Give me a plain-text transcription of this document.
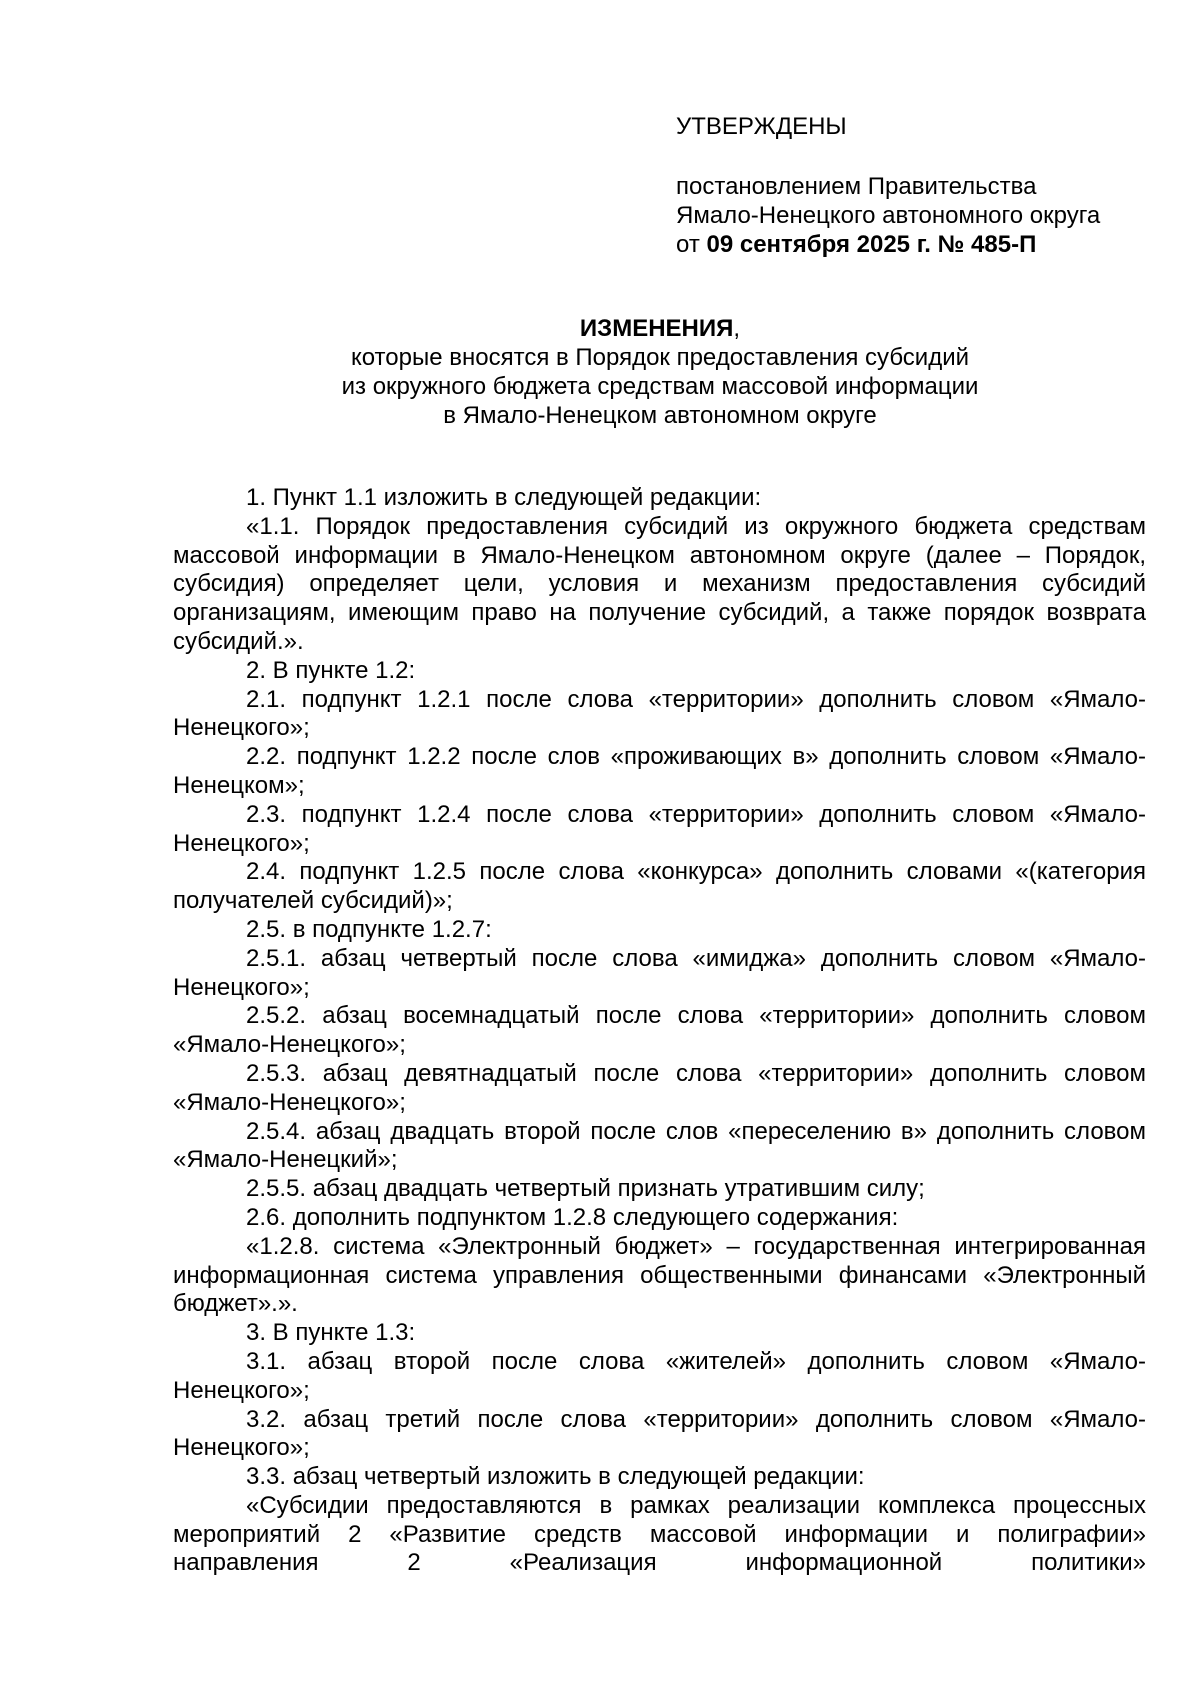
УТВЕРЖДЕНЫ

постановлением Правительства

Ямало-Ненецкого автономного округа

от 09 сентября 2025 г. № 485-П

ИЗМЕНЕНИЯ,

которые вносятся в Порядок предоставления субсидий

из окружного бюджета средствам массовой информации

в Ямало-Ненецком автономном округе

1. Пункт 1.1 изложить в следующей редакции:

«1.1. Порядок предоставления субсидий из окружного бюджета средствам массовой информации в Ямало-Ненецком автономном округе (далее – Порядок, субсидия) определяет цели, условия и механизм предоставления субсидий организациям, имеющим право на получение субсидий, а также порядок возврата субсидий.».

2. В пункте 1.2:

2.1. подпункт 1.2.1 после слова «территории» дополнить словом «Ямало-Ненецкого»;

2.2. подпункт 1.2.2 после слов «проживающих в» дополнить словом «Ямало-Ненецком»;

2.3. подпункт 1.2.4 после слова «территории» дополнить словом «Ямало-Ненецкого»;

2.4. подпункт 1.2.5 после слова «конкурса» дополнить словами «(категория получателей субсидий)»;

2.5. в подпункте 1.2.7:

2.5.1. абзац четвертый после слова «имиджа» дополнить словом «Ямало-Ненецкого»;

2.5.2. абзац восемнадцатый после слова «территории» дополнить словом «Ямало-Ненецкого»;

2.5.3. абзац девятнадцатый после слова «территории» дополнить словом «Ямало-Ненецкого»;

2.5.4. абзац двадцать второй после слов «переселению в» дополнить словом «Ямало-Ненецкий»;

2.5.5. абзац двадцать четвертый признать утратившим силу;

2.6. дополнить подпунктом 1.2.8 следующего содержания:

«1.2.8. система «Электронный бюджет» – государственная интегрированная информационная система управления общественными финансами «Электронный бюджет».».

3. В пункте 1.3:

3.1. абзац второй после слова «жителей» дополнить словом «Ямало-Ненецкого»;

3.2. абзац третий после слова «территории» дополнить словом «Ямало-Ненецкого»;

3.3. абзац четвертый изложить в следующей редакции:

«Субсидии предоставляются в рамках реализации комплекса процессных мероприятий 2 «Развитие средств массовой информации и полиграфии» направления 2 «Реализация информационной политики»
